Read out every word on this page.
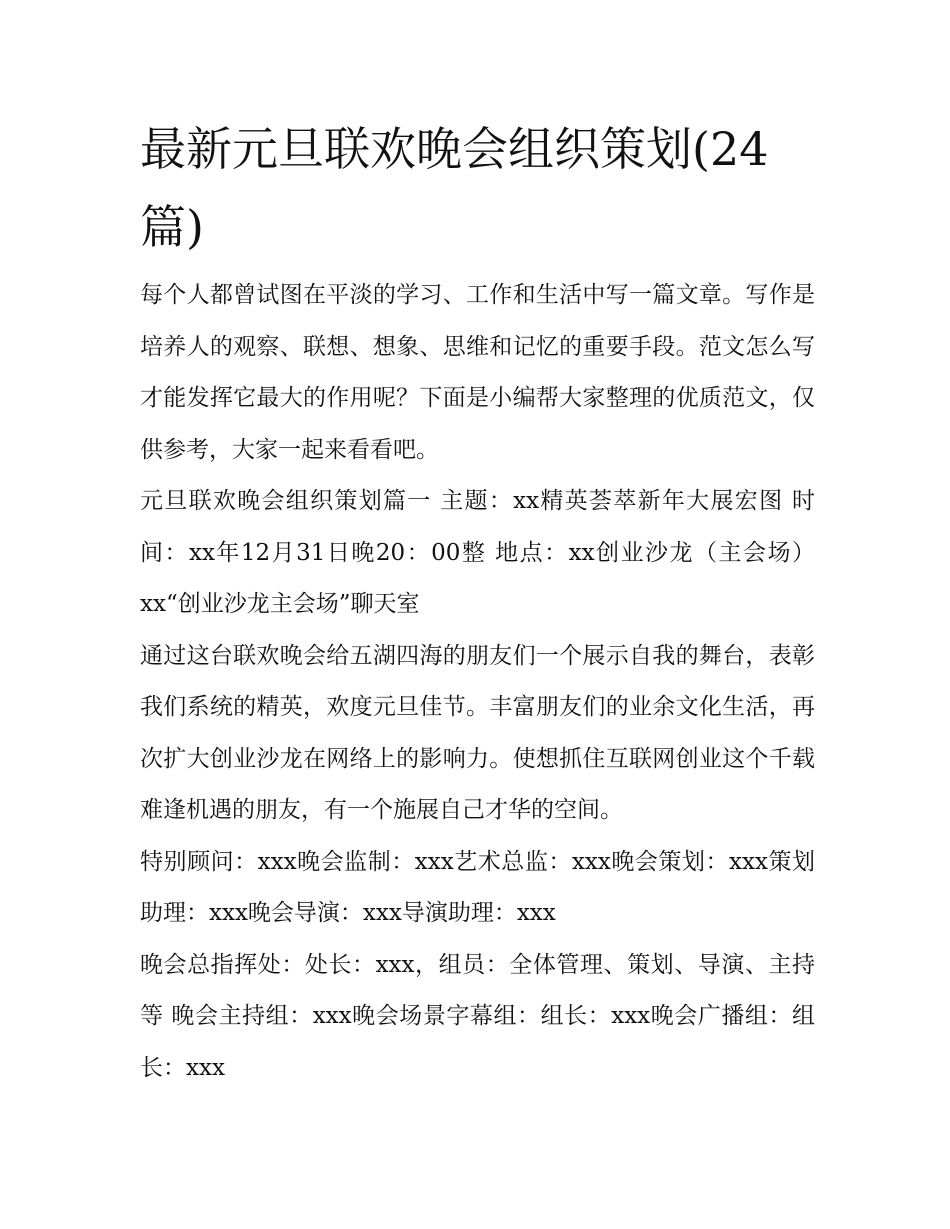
最新元旦联欢晚会组织策划(24篇)

每个人都曾试图在平淡的学习、工作和生活中写一篇文章。写作是培养人的观察、联想、想象、思维和记忆的重要手段。范文怎么写才能发挥它最大的作用呢？下面是小编帮大家整理的优质范文，仅供参考，大家一起来看看吧。

元旦联欢晚会组织策划篇一 主题：xx精英荟萃新年大展宏图 时间：xx年12月31日晚20：00整 地点：xx创业沙龙（主会场） xx“创业沙龙主会场”聊天室

通过这台联欢晚会给五湖四海的朋友们一个展示自我的舞台，表彰我们系统的精英，欢度元旦佳节。丰富朋友们的业余文化生活，再次扩大创业沙龙在网络上的影响力。使想抓住互联网创业这个千载难逢机遇的朋友，有一个施展自己才华的空间。

特别顾问：xxx晚会监制：xxx艺术总监：xxx晚会策划：xxx策划助理：xxx晚会导演：xxx导演助理：xxx

晚会总指挥处：处长：xxx，组员：全体管理、策划、导演、主持等 晚会主持组：xxx晚会场景字幕组：组长：xxx晚会广播组：组长：xxx
